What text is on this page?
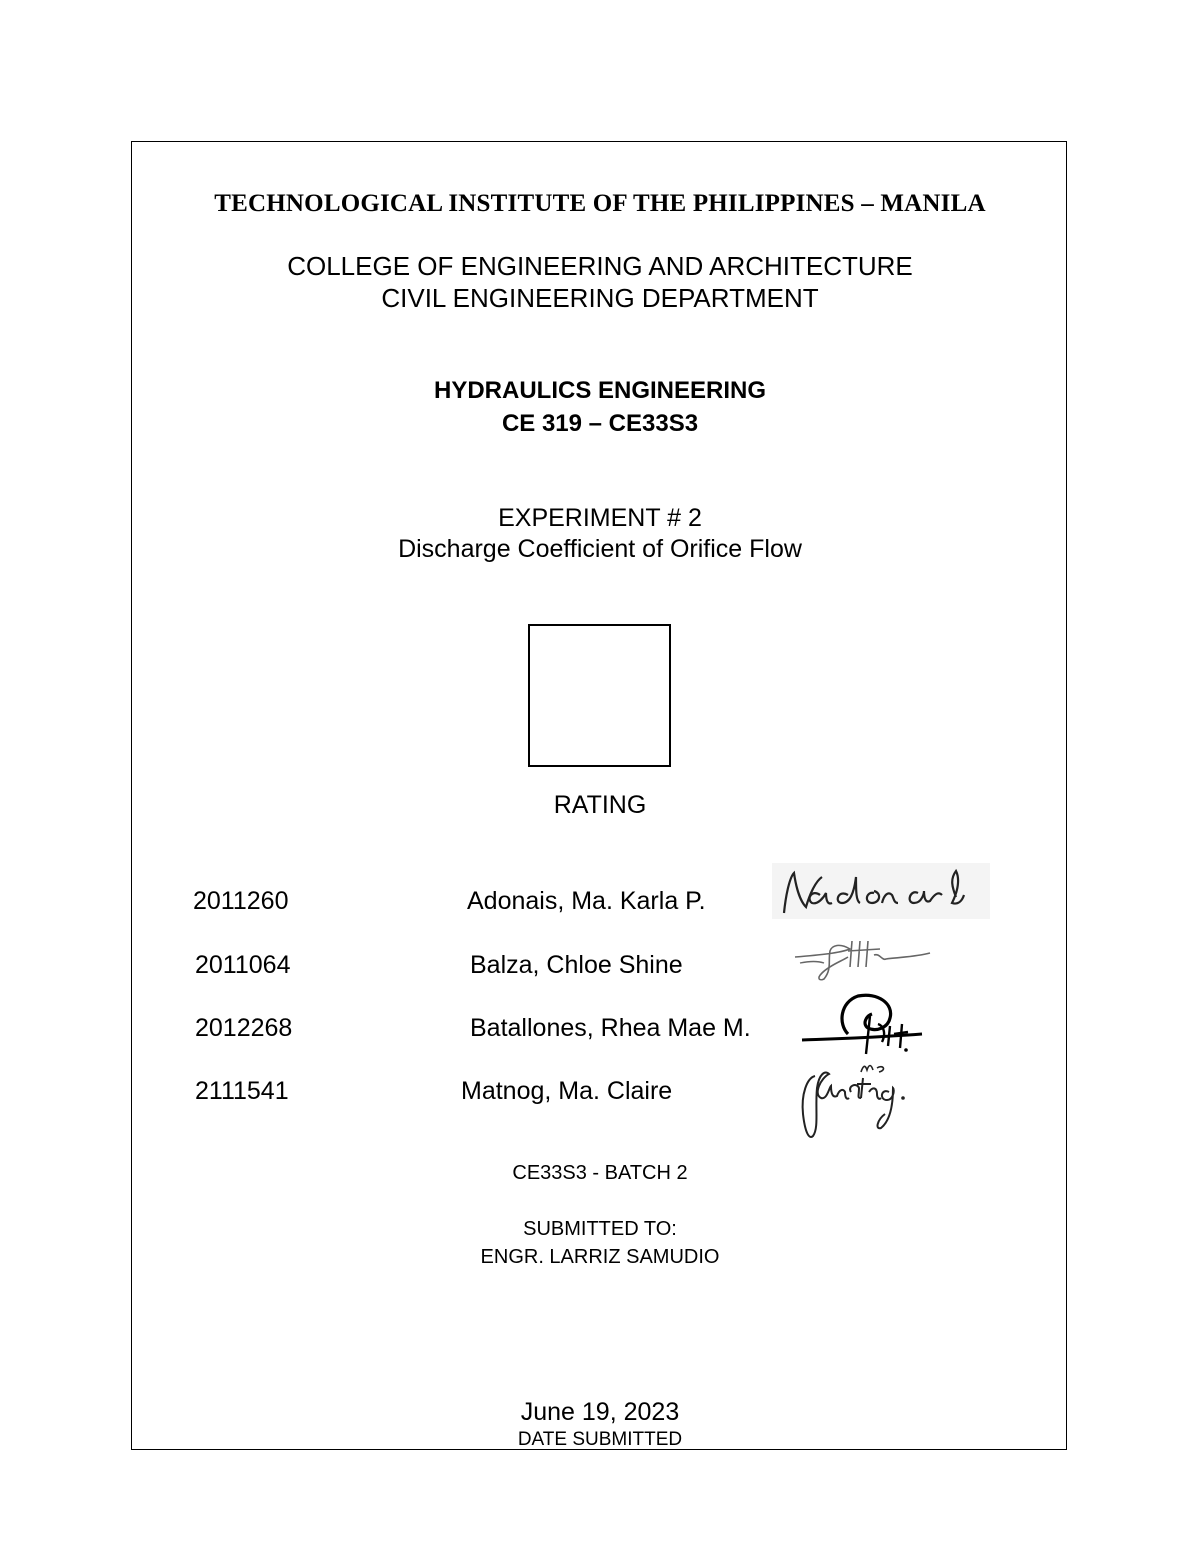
TECHNOLOGICAL INSTITUTE OF THE PHILIPPINES – MANILA
COLLEGE OF ENGINEERING AND ARCHITECTURE
CIVIL ENGINEERING DEPARTMENT
HYDRAULICS ENGINEERING
CE 319 – CE33S3
EXPERIMENT # 2
Discharge Coefficient of Orifice Flow
RATING
2011260	Adonais, Ma. Karla P.
2011064	Balza, Chloe Shine
2012268	Batallones, Rhea Mae M.
2111541	Matnog, Ma. Claire
CE33S3 - BATCH 2
SUBMITTED TO:
ENGR. LARRIZ SAMUDIO
June 19, 2023
DATE SUBMITTED
